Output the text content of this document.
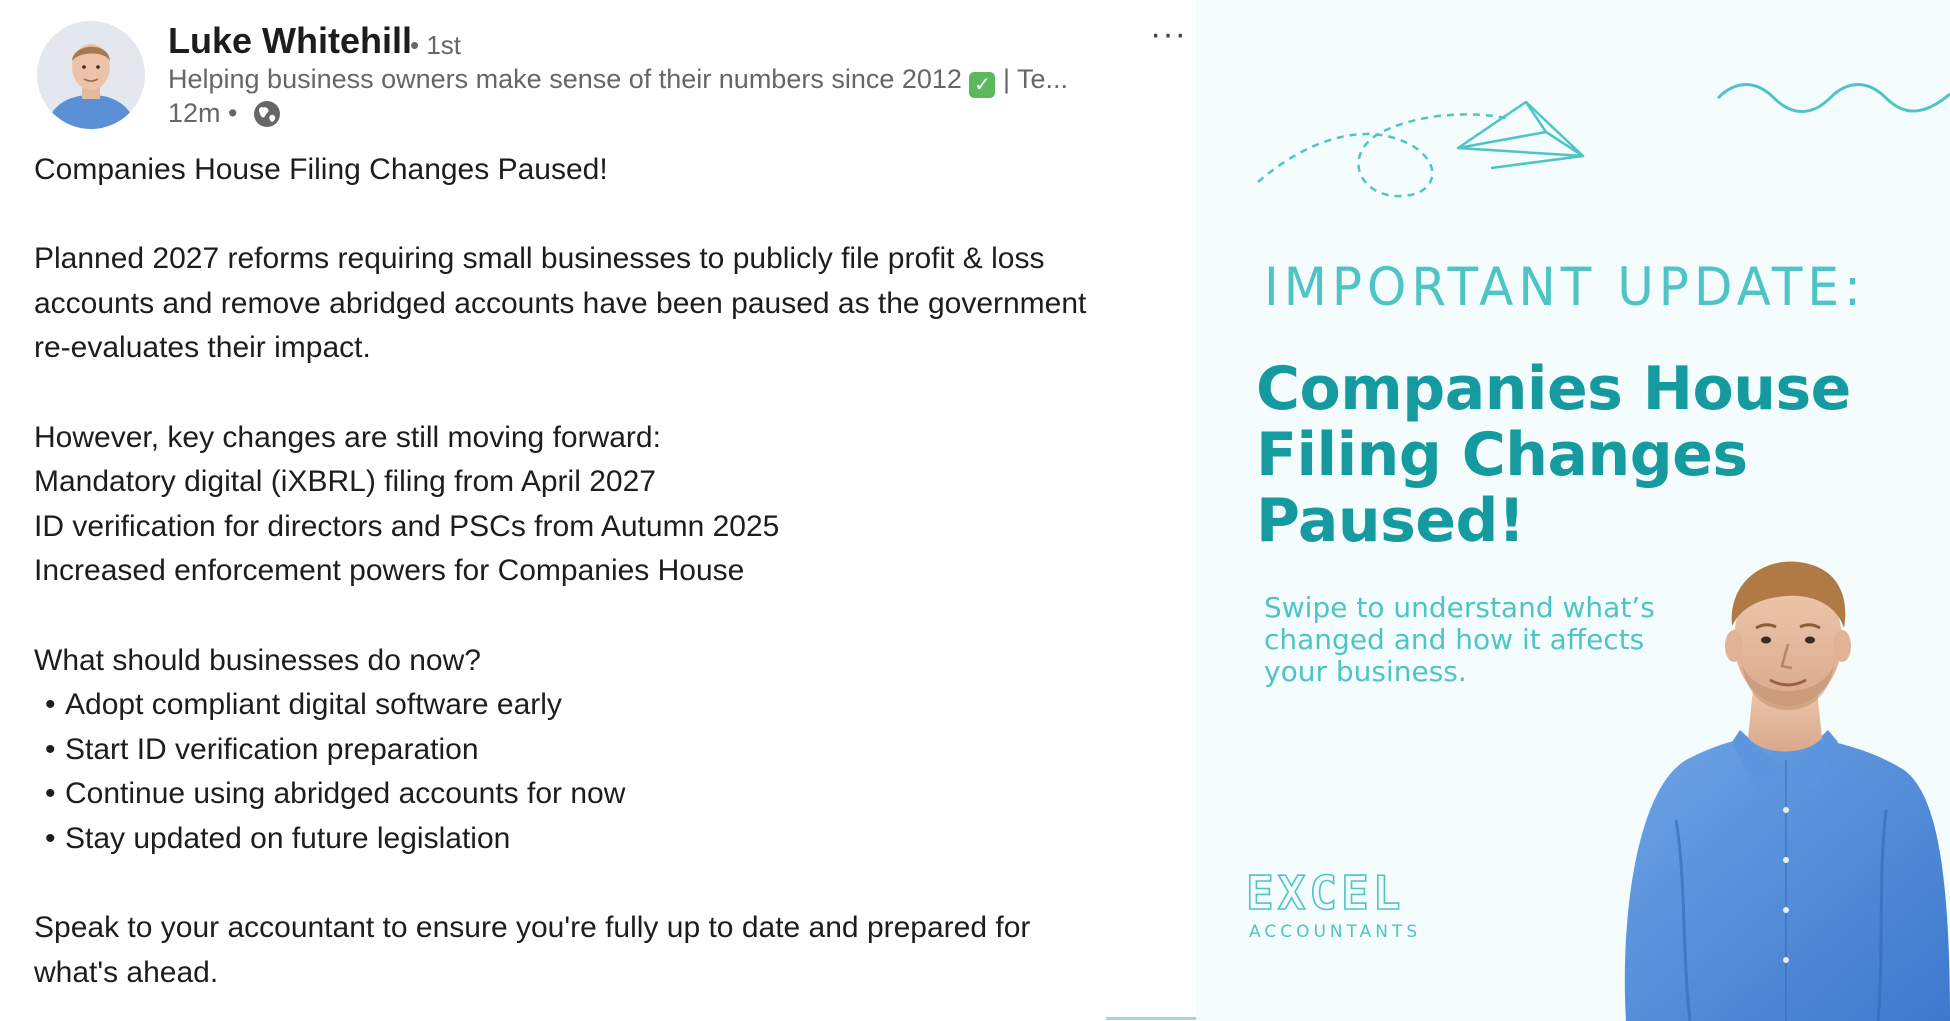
Luke Whitehill
• 1st
Helping business owners make sense of their numbers since 2012 ✓ | Te...
12m •
···

Companies House Filing Changes Paused!

Planned 2027 reforms requiring small businesses to publicly file profit & loss

accounts and remove abridged accounts have been paused as the government

re-evaluates their impact.

However, key changes are still moving forward:

Mandatory digital (iXBRL) filing from April 2027

ID verification for directors and PSCs from Autumn 2025

Increased enforcement powers for Companies House

What should businesses do now?

• Adopt compliant digital software early

• Start ID verification preparation

• Continue using abridged accounts for now

• Stay updated on future legislation

Speak to your accountant to ensure you're fully up to date and prepared for

what's ahead.

IMPORTANT UPDATE:
Companies House
Filing Changes
Paused!
Swipe to understand what’s
changed and how it affects
your business.
EXCEL
ACCOUNTANTS
